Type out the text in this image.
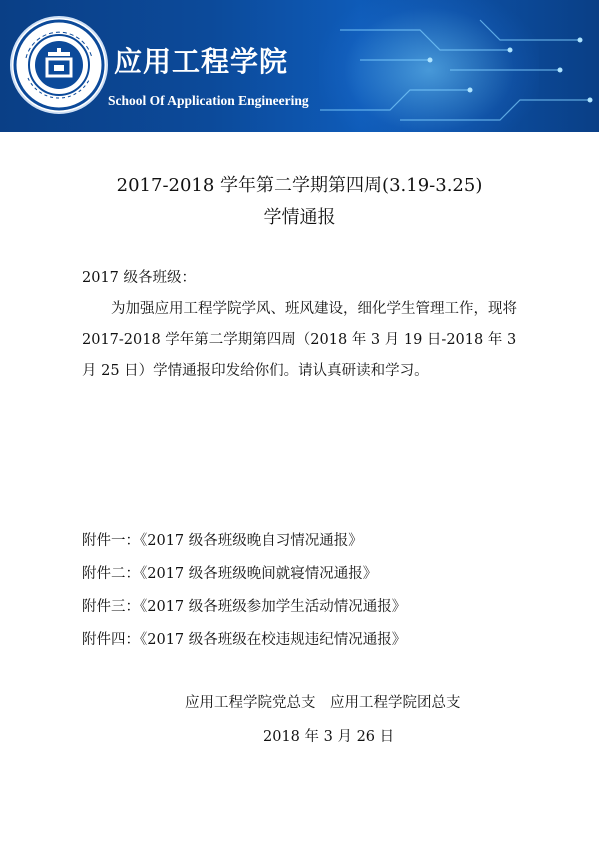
应用工程学院
School Of Application Engineering
2017-2018 学年第二学期第四周(3.19-3.25)
学情通报

2017 级各班级：

为加强应用工程学院学风、班风建设，细化学生管理工作，现将 2017-2018 学年第二学期第四周（2018 年 3 月 19 日-2018 年 3 月 25 日）学情通报印发给你们。请认真研读和学习。

附件一：《2017 级各班级晚自习情况通报》
附件二：《2017 级各班级晚间就寝情况通报》
附件三：《2017 级各班级参加学生活动情况通报》
附件四：《2017 级各班级在校违规违纪情况通报》

应用工程学院党总支　应用工程学院团总支

2018 年 3 月 26 日
